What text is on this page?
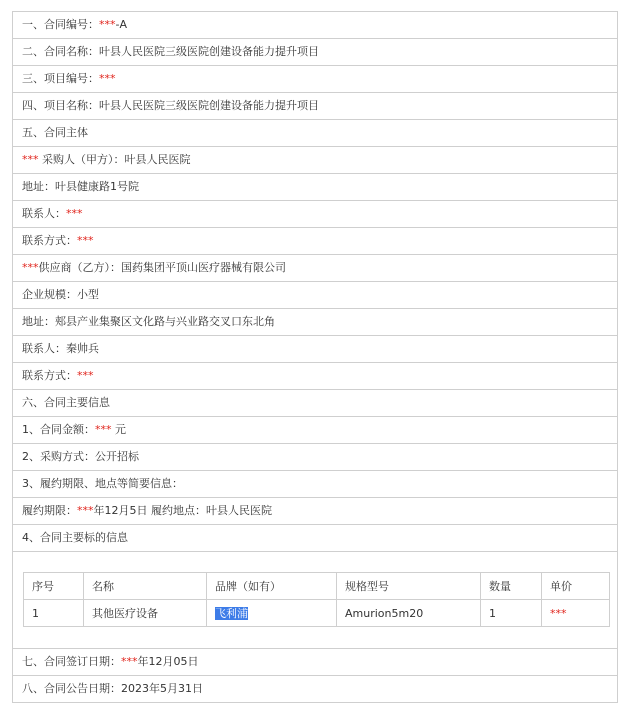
一、合同编号：***-A
二、合同名称：叶县人民医院三级医院创建设备能力提升项目
三、项目编号：***
四、项目名称：叶县人民医院三级医院创建设备能力提升项目
五、合同主体
*** 采购人（甲方）：叶县人民医院
地址：叶县健康路1号院
联系人：***
联系方式：***
***供应商（乙方）：国药集团平顶山医疗器械有限公司
企业规模：小型
地址：郏县产业集聚区文化路与兴业路交叉口东北角
联系人：秦帅兵
联系方式：***
六、合同主要信息
1、合同金额：*** 元
2、采购方式：公开招标
3、履约期限、地点等简要信息：
履约期限：***年12月5日 履约地点：叶县人民医院
4、合同主要标的信息
序号	名称	品牌（如有）	规格型号	数量	单价
1	其他医疗设备	飞利浦	Amurion5m20	1	***
七、合同签订日期：***年12月05日
八、合同公告日期：2023年5月31日
